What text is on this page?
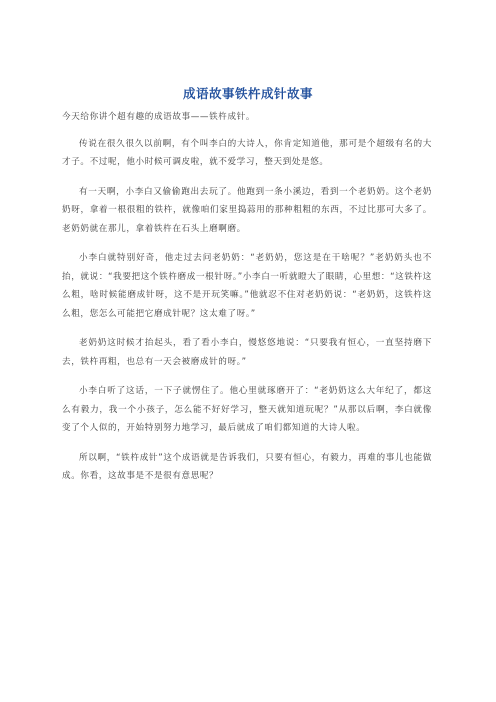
成语故事铁杵成针故事

今天给你讲个超有趣的成语故事——铁杵成针。

传说在很久很久以前啊，有个叫李白的大诗人，你肯定知道他，那可是个超级有名的大才子。不过呢，他小时候可调皮啦，就不爱学习，整天到处是悠。

有一天啊，小李白又偷偷跑出去玩了。他跑到一条小溪边，看到一个老奶奶。这个老奶奶呀，拿着一根很粗的铁杵，就像咱们家里捣蒜用的那种粗粗的东西，不过比那可大多了。老奶奶就在那儿，拿着铁杵在石头上磨啊磨。

小李白就特别好奇，他走过去问老奶奶：“老奶奶，您这是在干啥呢？”老奶奶头也不抬，就说：“我要把这个铁杵磨成一根针呀。”小李白一听就瞪大了眼睛，心里想：“这铁杵这么粗，啥时候能磨成针呀，这不是开玩笑嘛。”他就忍不住对老奶奶说：“老奶奶，这铁杵这么粗，您怎么可能把它磨成针呢？这太难了呀。”

老奶奶这时候才抬起头，看了看小李白，慢悠悠地说：“只要我有恒心，一直坚持磨下去，铁杵再粗，也总有一天会被磨成针的呀。”

小李白听了这话，一下子就愣住了。他心里就琢磨开了：“老奶奶这么大年纪了，都这么有毅力，我一个小孩子，怎么能不好好学习，整天就知道玩呢？”从那以后啊，李白就像变了个人似的，开始特别努力地学习，最后就成了咱们都知道的大诗人啦。

所以啊，“铁杵成针”这个成语就是告诉我们，只要有恒心，有毅力，再难的事儿也能做成。你看，这故事是不是很有意思呢？
